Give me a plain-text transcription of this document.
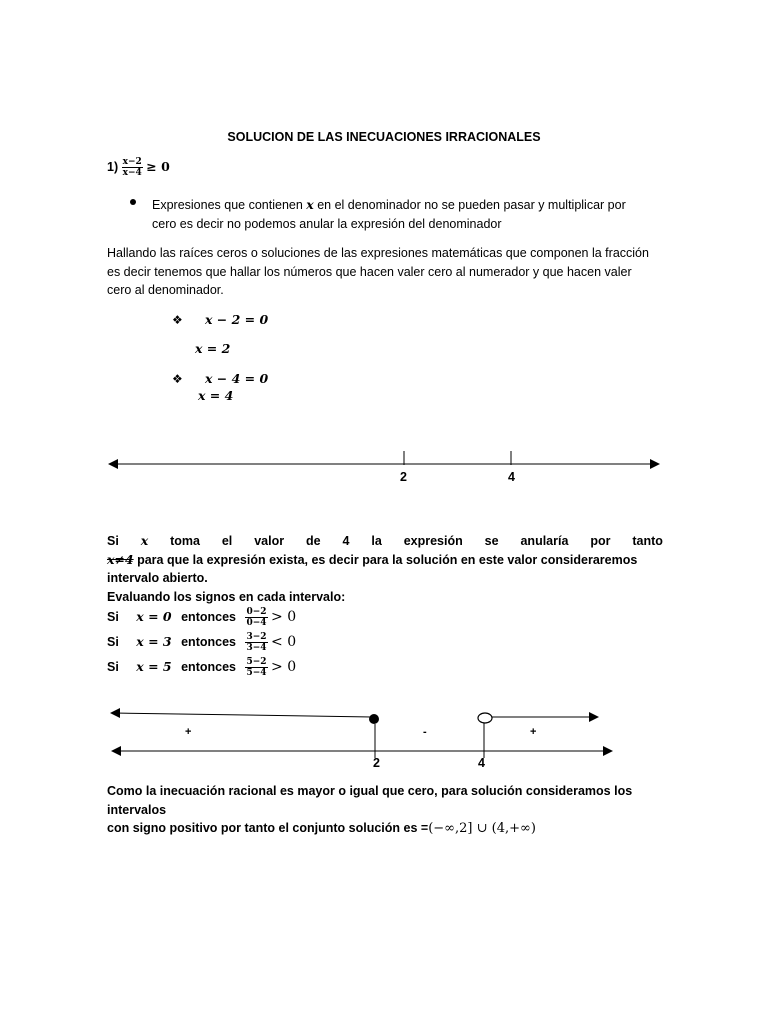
SOLUCION DE LAS INECUACIONES IRRACIONALES
$1) \frac{x-2}{x-4} \ge 0$
Expresiones que contienen x en el denominador no se pueden pasar y multiplicar por
cero es decir no podemos anular la expresión del denominador
Hallando las raíces ceros o soluciones de las expresiones matemáticas que componen la fracción
es decir tenemos que hallar los números que hacen valer cero al numerador y que hacen valer
cero al denominador.
❖ x − 2 = 0
x = 2
❖ x − 4 = 0
x = 4
2	4
Si x toma el valor de 4 la expresión se anularía por tanto
x≠4 para que la expresión exista, es decir para la solución en este valor consideraremos
intervalo abierto.
Evaluando los signos en cada intervalo:
Si x = 0 entonces $\frac{0-2}{0-4} > 0$
Si x = 3 entonces $\frac{3-2}{3-4} < 0$
Si x = 5 entonces $\frac{5-2}{5-4} > 0$
+	-	+
2	4
Como la inecuación racional es mayor o igual que cero, para solución consideramos los intervalos
con signo positivo por tanto el conjunto solución es =(−∞,2] ∪ (4,+∞)
